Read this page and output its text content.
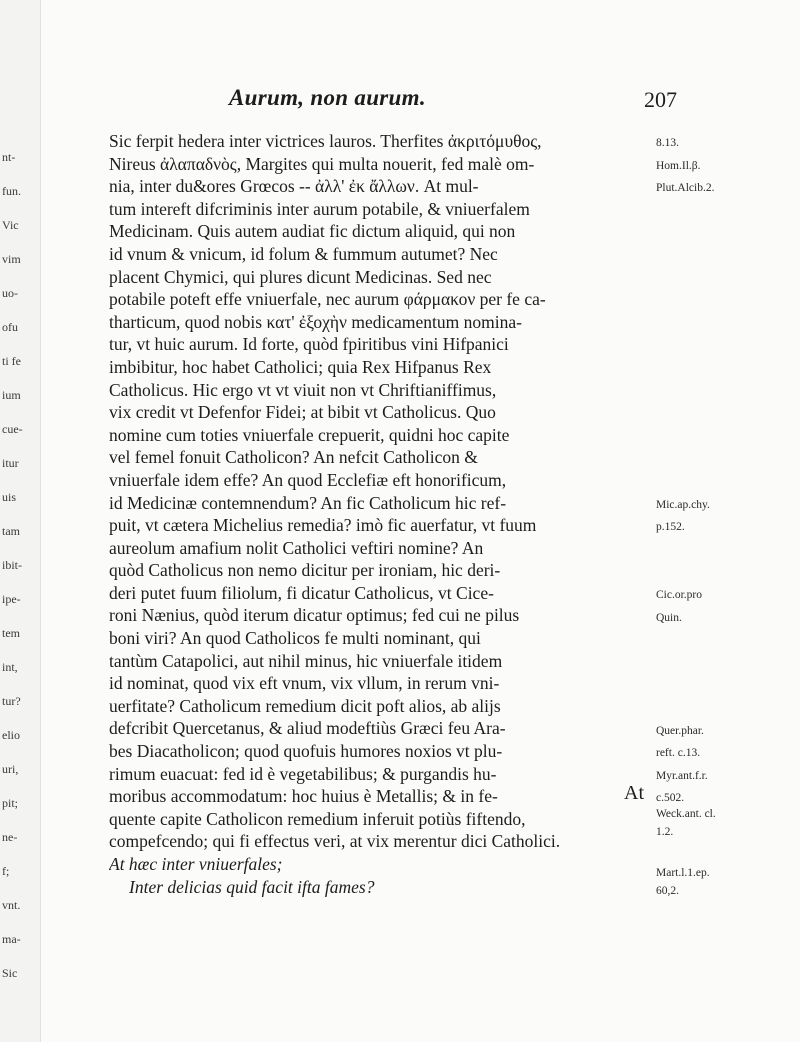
nt-
fun.
Vic
vim
uo-
ofu
ti fe
ium
cue-
itur
uis
tam
ibit-
ipe-
tem
int,
tur?
elio
uri,
pit;
ne-
f;
vnt.
ma-
Sic
Aurum, non aurum.	207
Sic ferpit hedera inter victrices lauros. Therfites ἀκριτόμυθος,
Nireus ἀλαπαδνὸς, Margites qui multa nouerit, fed malè om-
nia, inter du&ores Grœcos -- ἀλλ' ἐκ ἄλλων. At mul-
tum intereft difcriminis inter aurum potabile, & vniuerfalem
Medicinam. Quis autem audiat fic dictum aliquid, qui non
id vnum & vnicum, id folum & fummum autumet? Nec
placent Chymici, qui plures dicunt Medicinas. Sed nec
potabile poteft effe vniuerfale, nec aurum φάρμακον per fe ca-
tharticum, quod nobis κατ' ἐξοχὴν medicamentum nomina-
tur, vt huic aurum. Id forte, quòd fpiritibus vini Hifpanici
imbibitur, hoc habet Catholici; quia Rex Hifpanus Rex
Catholicus. Hic ergo vt vt viuit non vt Chriftianiffimus,
vix credit vt Defenfor Fidei; at bibit vt Catholicus. Quo
nomine cum toties vniuerfale crepuerit, quidni hoc capite
vel femel fonuit Catholicon? An nefcit Catholicon &
vniuerfale idem effe? An quod Ecclefiæ eft honorificum,
id Medicinæ contemnendum? An fic Catholicum hic ref-
puit, vt cætera Michelius remedia? imò fic auerfatur, vt fuum
aureolum amafium nolit Catholici veftiri nomine? An
quòd Catholicus non nemo dicitur per ironiam, hic deri-
deri putet fuum filiolum, fi dicatur Catholicus, vt Cice-
roni Nænius, quòd iterum dicatur optimus; fed cui ne pilus
boni viri? An quod Catholicos fe multi nominant, qui
tantùm Catapolici, aut nihil minus, hic vniuerfale itidem
id nominat, quod vix eft vnum, vix vllum, in rerum vni-
uerfitate? Catholicum remedium dicit poft alios, ab alijs
defcribit Quercetanus, & aliud modeftiùs Græci feu Ara-
bes Diacatholicon; quod quofuis humores noxios vt plu-
rimum euacuat: fed id è vegetabilibus; & purgandis hu-
moribus accommodatum: hoc huius è Metallis; & in fe-
quente capite Catholicon remedium inferuit potiùs fiftendo,
compefcendo; qui fi effectus veri, at vix merentur dici Catholici.
At hæc inter vniuerfales;
Inter delicias quid facit ifta fames?
8.13.
Hom.Il.β.
Plut.Alcib.2.
Mic.ap.chy.
p.152.
Cic.or.pro
Quin.
Quer.phar.
reft. c.13.
Myr.ant.f.r.
c.502.
Weck.ant. cl.
1.2.
Mart.l.1.ep.
60,2.
At
